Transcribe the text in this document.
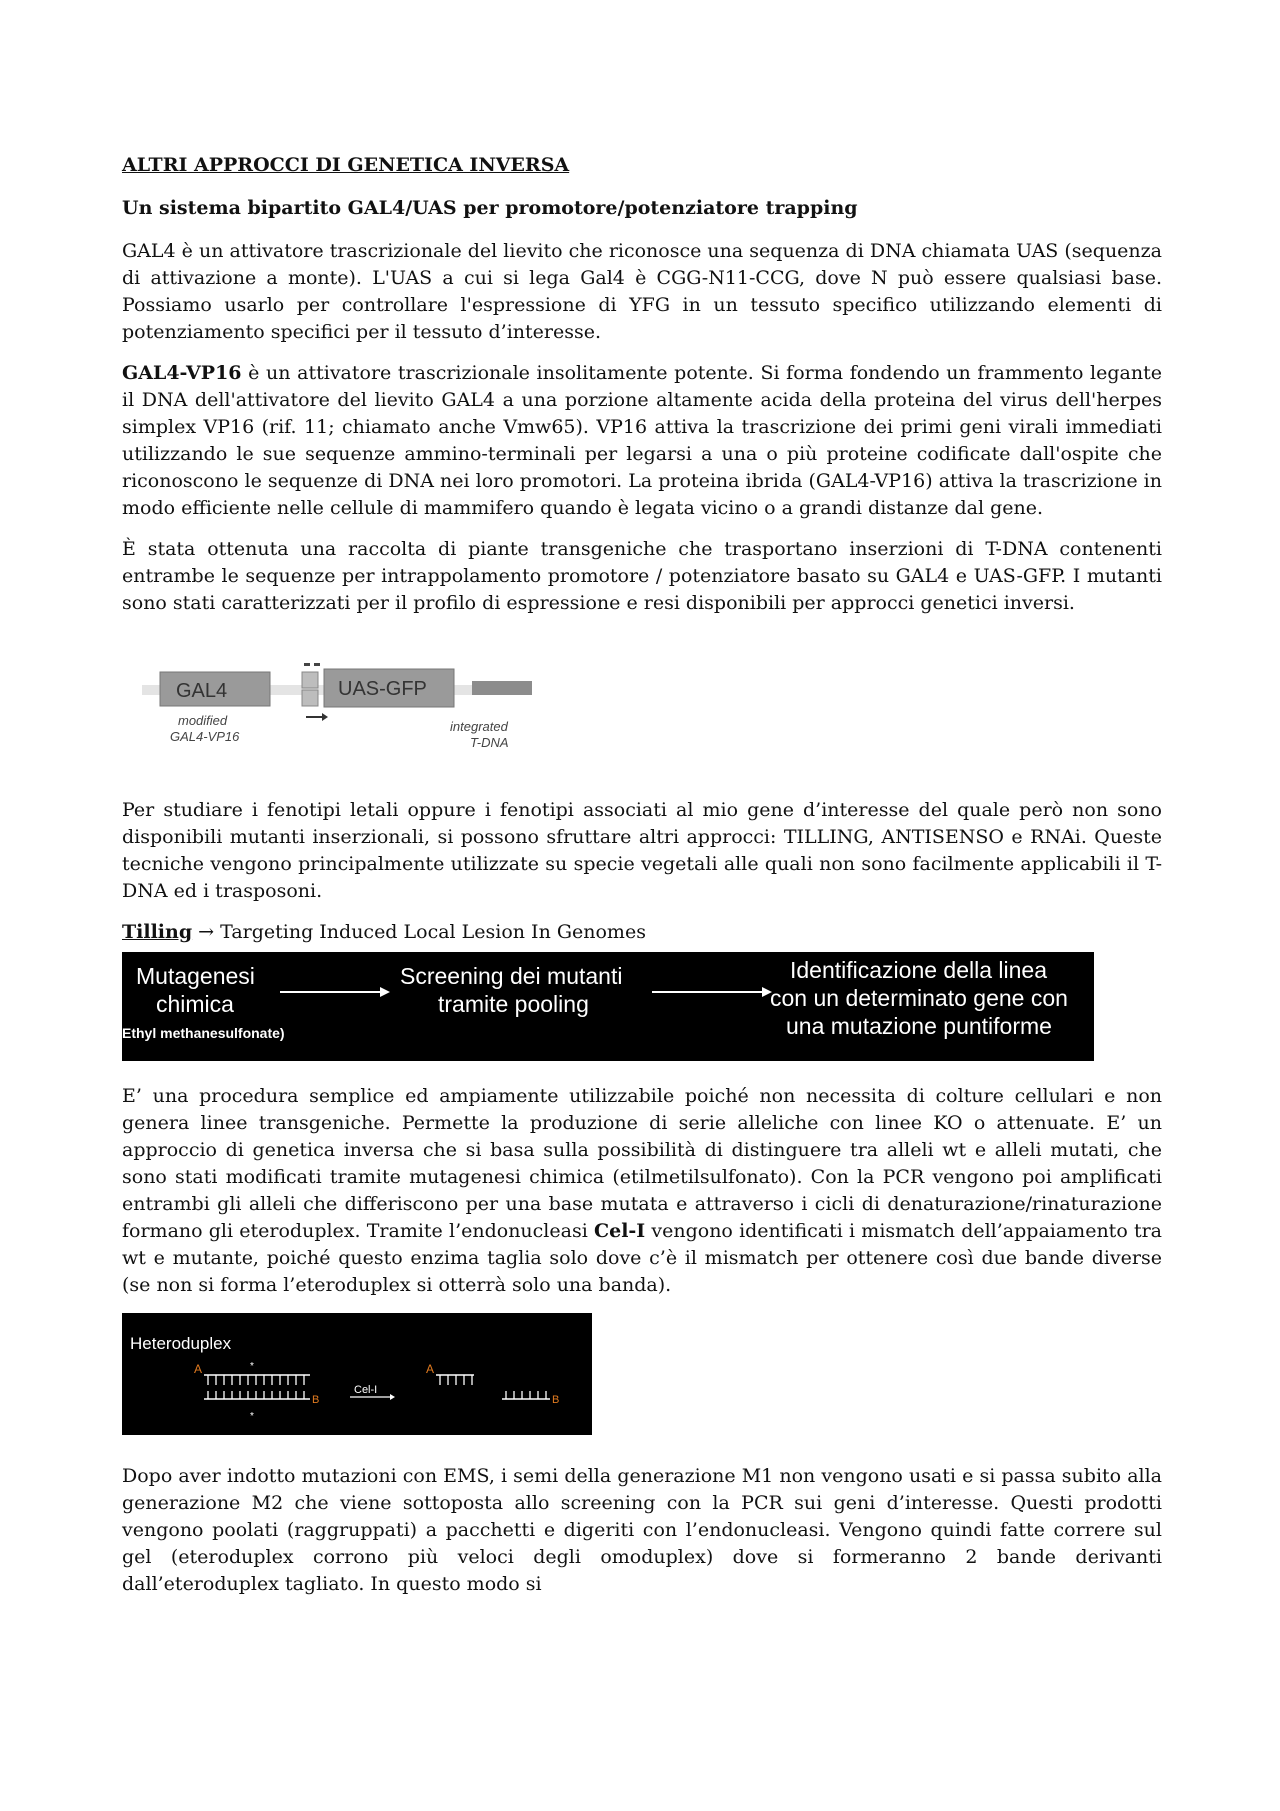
ALTRI APPROCCI DI GENETICA INVERSA
Un sistema bipartito GAL4/UAS per promotore/potenziatore trapping

GAL4 è un attivatore trascrizionale del lievito che riconosce una sequenza di DNA chiamata UAS (sequenza di attivazione a monte). L'UAS a cui si lega Gal4 è CGG-N11-CCG, dove N può essere qualsiasi base. Possiamo usarlo per controllare l'espressione di YFG in un tessuto specifico utilizzando elementi di potenziamento specifici per il tessuto d’interesse.

GAL4-VP16 è un attivatore trascrizionale insolitamente potente. Si forma fondendo un frammento legante il DNA dell'attivatore del lievito GAL4 a una porzione altamente acida della proteina del virus dell'herpes simplex VP16 (rif. 11; chiamato anche Vmw65). VP16 attiva la trascrizione dei primi geni virali immediati utilizzando le sue sequenze ammino-terminali per legarsi a una o più proteine codificate dall'ospite che riconoscono le sequenze di DNA nei loro promotori. La proteina ibrida (GAL4-VP16) attiva la trascrizione in modo efficiente nelle cellule di mammifero quando è legata vicino o a grandi distanze dal gene.

È stata ottenuta una raccolta di piante transgeniche che trasportano inserzioni di T-DNA contenenti entrambe le sequenze per intrappolamento promotore / potenziatore basato su GAL4 e UAS-GFP. I mutanti sono stati caratterizzati per il profilo di espressione e resi disponibili per approcci genetici inversi.

GAL4	UAS-GFP
modified
GAL4-VP16
integrated
T-DNA

Per studiare i fenotipi letali oppure i fenotipi associati al mio gene d’interesse del quale però non sono disponibili mutanti inserzionali, si possono sfruttare altri approcci: TILLING, ANTISENSO e RNAi. Queste tecniche vengono principalmente utilizzate su specie vegetali alle quali non sono facilmente applicabili il T-DNA ed i trasposoni.

Tilling → Targeting Induced Local Lesion In Genomes
Mutagenesi
chimica
Ethyl methanesulfonate)
Screening dei mutanti
tramite pooling
Identificazione della linea
con un determinato gene con
una mutazione puntiforme

E’ una procedura semplice ed ampiamente utilizzabile poiché non necessita di colture cellulari e non genera linee transgeniche. Permette la produzione di serie alleliche con linee KO o attenuate. E’ un approccio di genetica inversa che si basa sulla possibilità di distinguere tra alleli wt e alleli mutati, che sono stati modificati tramite mutagenesi chimica (etilmetilsulfonato). Con la PCR vengono poi amplificati entrambi gli alleli che differiscono per una base mutata e attraverso i cicli di denaturazione/rinaturazione formano gli eteroduplex. Tramite l’endonucleasi Cel-I vengono identificati i mismatch dell’appaiamento tra wt e mutante, poiché questo enzima taglia solo dove c’è il mismatch per ottenere così due bande diverse (se non si forma l’eteroduplex si otterrà solo una banda).

Heteroduplex
A
B
*
*
Cel-I
A
B

Dopo aver indotto mutazioni con EMS, i semi della generazione M1 non vengono usati e si passa subito alla generazione M2 che viene sottoposta allo screening con la PCR sui geni d’interesse. Questi prodotti vengono poolati (raggruppati) a pacchetti e digeriti con l’endonucleasi. Vengono quindi fatte correre sul gel (eteroduplex corrono più veloci degli omoduplex) dove si formeranno 2 bande derivanti dall’eteroduplex tagliato. In questo modo si
